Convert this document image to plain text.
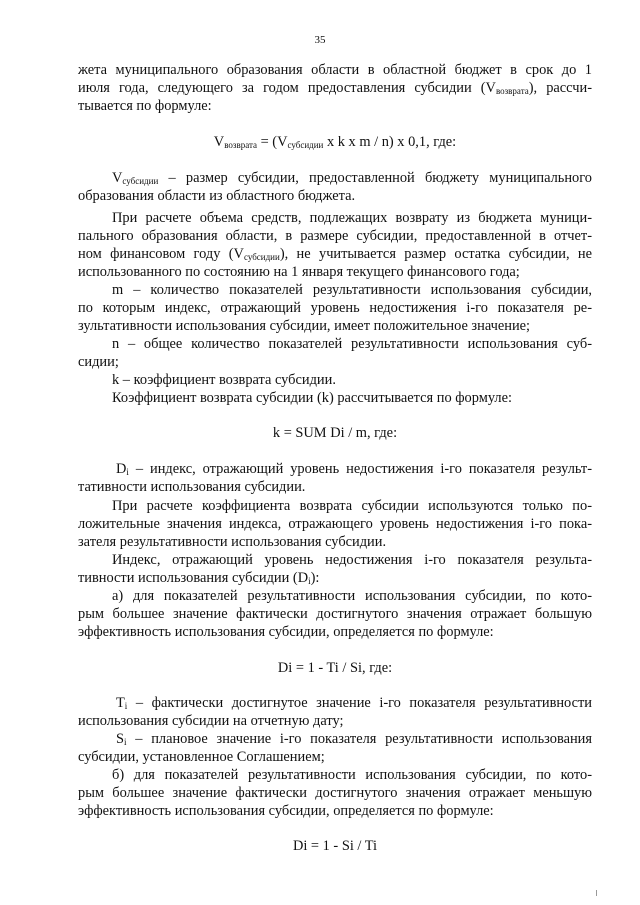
35
жета муниципального образования области в областной бюджет в срок до 1
июля года, следующего за годом предоставления субсидии $(V_{возврата})$, рассчи-
тывается по формуле:
$V_{возврата} = (V_{субсидии}$ x k x m / n) x 0,1, где:
$V_{субсидии}$ – размер субсидии, предоставленной бюджету муниципального
образования области из областного бюджета.
При расчете объема средств, подлежащих возврату из бюджета муници-
пального образования области, в размере субсидии, предоставленной в отчет-
ном финансовом году $(V_{субсидии})$, не учитывается размер остатка субсидии, не
использованного по состоянию на 1 января текущего финансового года;
m – количество показателей результативности использования субсидии,
по которым индекс, отражающий уровень недостижения i-го показателя ре-
зультативности использования субсидии, имеет положительное значение;
n – общее количество показателей результативности использования суб-
сидии;
k – коэффициент возврата субсидии.
Коэффициент возврата субсидии (k) рассчитывается по формуле:
k = SUM Di / m, где:
$D_i$ – индекс, отражающий уровень недостижения i-го показателя результ-
тативности использования субсидии.
При расчете коэффициента возврата субсидии используются только по-
ложительные значения индекса, отражающего уровень недостижения i-го пока-
зателя результативности использования субсидии.
Индекс, отражающий уровень недостижения i-го показателя результа-
тивности использования субсидии $(D_i)$:
а) для показателей результативности использования субсидии, по кото-
рым большее значение фактически достигнутого значения отражает большую
эффективность использования субсидии, определяется по формуле:
Di = 1 - Ti / Si, где:
$T_i$ – фактически достигнутое значение i-го показателя результативности
использования субсидии на отчетную дату;
$S_i$ – плановое значение i-го показателя результативности использования
субсидии, установленное Соглашением;
б) для показателей результативности использования субсидии, по кото-
рым большее значение фактически достигнутого значения отражает меньшую
эффективность использования субсидии, определяется по формуле:
Di = 1 - Si / Ti
